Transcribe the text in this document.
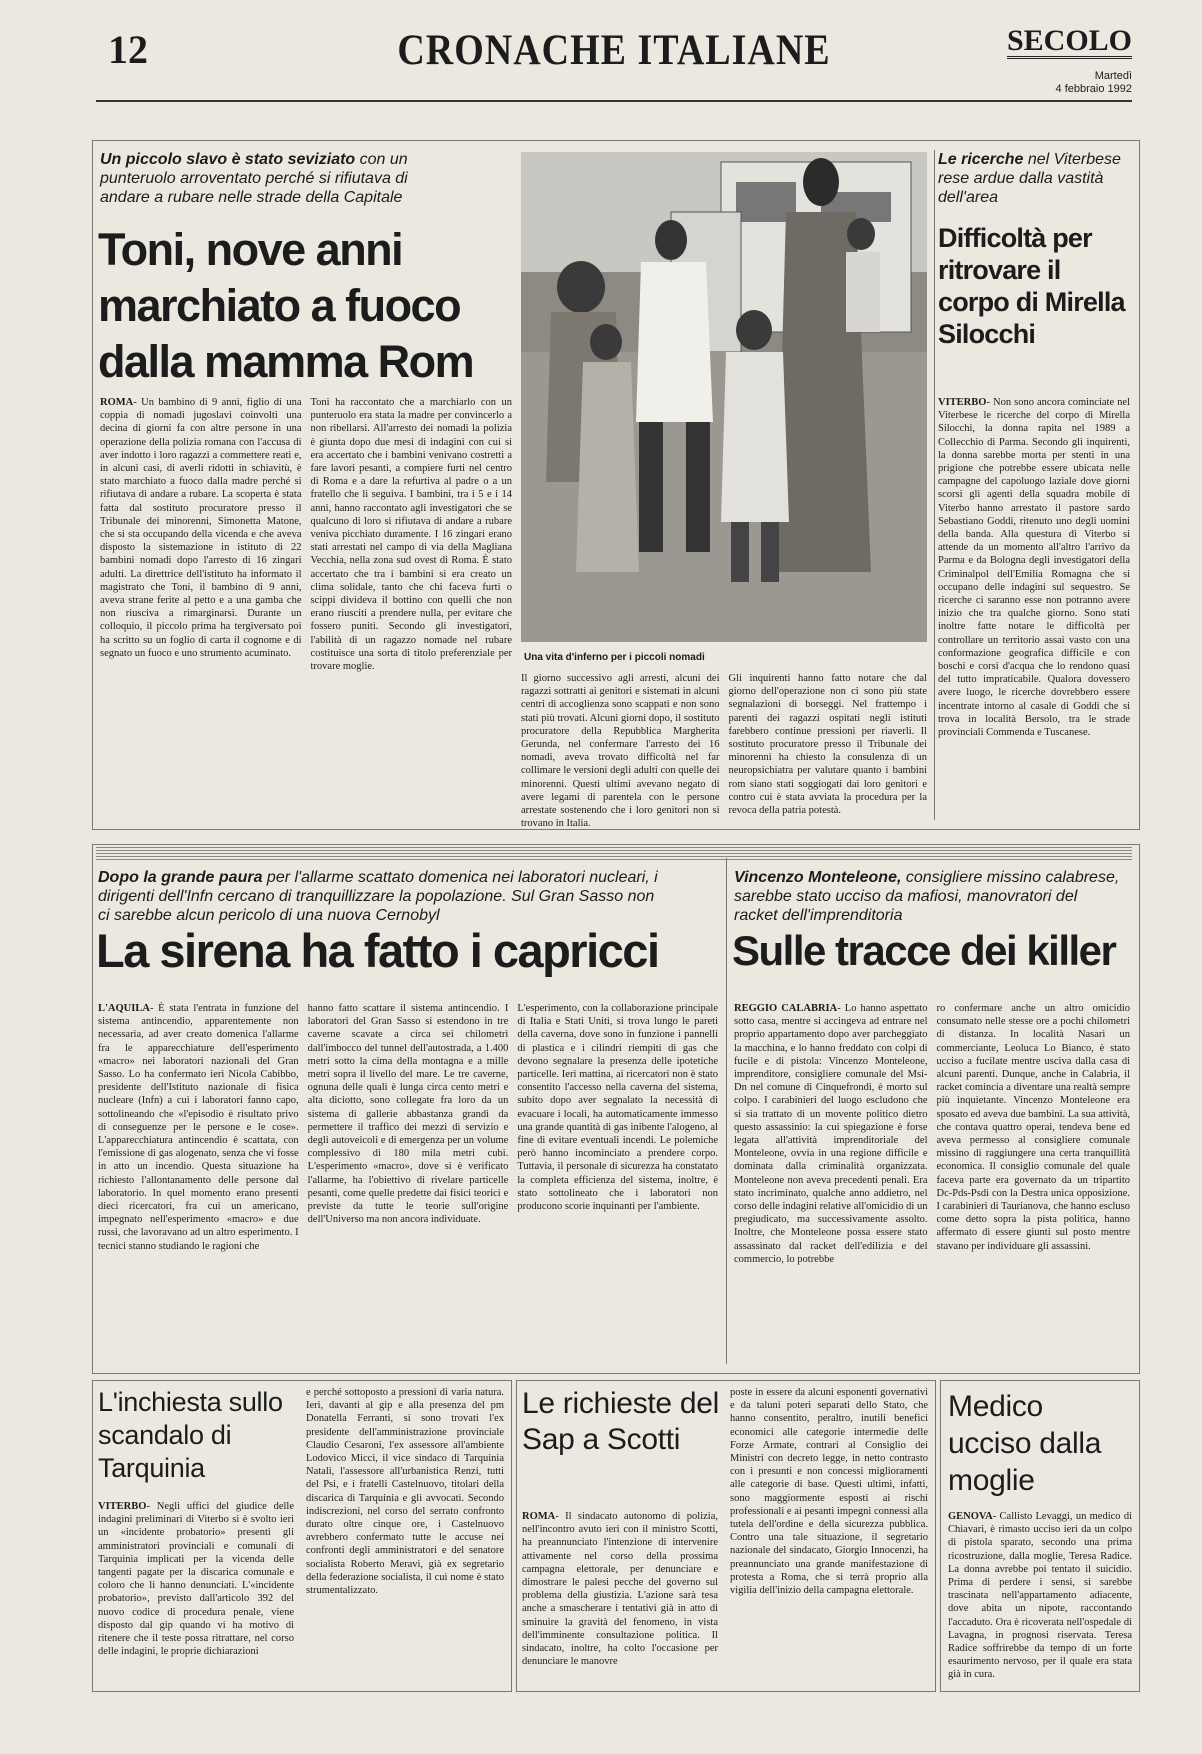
12	CRONACHE ITALIANE	SECOLO
Martedì
4 febbraio 1992
Un piccolo slavo è stato seviziato con un punteruolo arroventato perché si rifiutava di andare a rubare nelle strade della Capitale
Toni, nove anni marchiato a fuoco dalla mamma Rom
Una vita d'inferno per i piccoli nomadi
ROMA- Un bambino di 9 anni, figlio di una coppia di nomadi jugoslavi coinvolti una decina di giorni fa con altre persone in una operazione della polizia romana con l'accusa di aver indotto i loro ragazzi a commettere reati e, in alcuni casi, di averli ridotti in schiavitù, è stato marchiato a fuoco dalla madre perché si rifiutava di andare a rubare. La scoperta è stata fatta dal sostituto procuratore presso il Tribunale dei minorenni, Simonetta Matone, che si sta occupando della vicenda e che aveva disposto la sistemazione in istituto di 22 bambini nomadi dopo l'arresto di 16 zingari adulti. La direttrice dell'istituto ha informato il magistrato che Toni, il bambino di 9 anni, aveva strane ferite al petto e a una gamba che non riusciva a rimarginarsi. Durante un colloquio, il piccolo prima ha tergiversato poi ha scritto su un foglio di carta il cognome e di segnato un fuoco e uno strumento acuminato.
Toni ha raccontato che a marchiarlo con un punteruolo era stata la madre per convincerlo a non ribellarsi. All'arresto dei nomadi la polizia è giunta dopo due mesi di indagini con cui si era accertato che i bambini venivano costretti a fare lavori pesanti, a compiere furti nel centro di Roma e a dare la refurtiva al padre o a un fratello che li seguiva. I bambini, tra i 5 e i 14 anni, hanno raccontato agli investigatori che se qualcuno di loro si rifiutava di andare a rubare veniva picchiato duramente. I 16 zingari erano stati arrestati nel campo di via della Magliana Vecchia, nella zona sud ovest di Roma. È stato accertato che tra i bambini si era creato un clima solidale, tanto che chi faceva furti o scippi divideva il bottino con quelli che non erano riusciti a prendere nulla, per evitare che fossero puniti. Secondo gli investigatori, l'abilità di un ragazzo nomade nel rubare costituisce una sorta di titolo preferenziale per trovare moglie.
Il giorno successivo agli arresti, alcuni dei ragazzi sottratti ai genitori e sistemati in alcuni centri di accoglienza sono scappati e non sono stati più trovati. Alcuni giorni dopo, il sostituto procuratore della Repubblica Margherita Gerunda, nel confermare l'arresto dei 16 nomadi, aveva trovato difficoltà nel far collimare le versioni degli adulti con quelle dei minorenni. Questi ultimi avevano negato di avere legami di parentela con le persone arrestate sostenendo che i loro genitori non si trovano in Italia.
Gli inquirenti hanno fatto notare che dal giorno dell'operazione non ci sono più state segnalazioni di borseggi. Nel frattempo i parenti dei ragazzi ospitati negli istituti farebbero continue pressioni per riaverli. Il sostituto procuratore presso il Tribunale dei minorenni ha chiesto la consulenza di un neuropsichiatra per valutare quanto i bambini rom siano stati soggiogati dai loro genitori e contro cui è stata avviata la procedura per la revoca della patria potestà.
Le ricerche nel Viterbese rese ardue dalla vastità dell'area
Difficoltà per ritrovare il corpo di Mirella Silocchi
VITERBO- Non sono ancora cominciate nel Viterbese le ricerche del corpo di Mirella Silocchi, la donna rapita nel 1989 a Collecchio di Parma. Secondo gli inquirenti, la donna sarebbe morta per stenti in una prigione che potrebbe essere ubicata nelle campagne del capoluogo laziale dove giorni scorsi gli agenti della squadra mobile di Viterbo hanno arrestato il pastore sardo Sebastiano Goddi, ritenuto uno degli uomini della banda. Alla questura di Viterbo si attende da un momento all'altro l'arrivo da Parma e da Bologna degli investigatori della Criminalpol dell'Emilia Romagna che si occupano delle indagini sul sequestro. Se ricerche ci saranno esse non potranno avere inizio che tra qualche giorno. Sono stati inoltre fatte notare le difficoltà per controllare un territorio assai vasto con una conformazione geografica difficile e con boschi e corsi d'acqua che lo rendono quasi del tutto impraticabile. Qualora dovessero avere luogo, le ricerche dovrebbero essere incentrate intorno al casale di Goddi che si trova in località Bersolo, tra le strade provinciali Commenda e Tuscanese.
Dopo la grande paura per l'allarme scattato domenica nei laboratori nucleari, i dirigenti dell'Infn cercano di tranquillizzare la popolazione. Sul Gran Sasso non ci sarebbe alcun pericolo di una nuova Cernobyl
La sirena ha fatto i capricci
L'AQUILA- È stata l'entrata in funzione del sistema antincendio, apparentemente non necessaria, ad aver creato domenica l'allarme fra le apparecchiature dell'esperimento «macro» nei laboratori nazionali del Gran Sasso. Lo ha confermato ieri Nicola Cabibbo, presidente dell'Istituto nazionale di fisica nucleare (Infn) a cui i laboratori fanno capo, sottolineando che «l'episodio è risultato privo di conseguenze per le persone e le cose». L'apparecchiatura antincendio è scattata, con l'emissione di gas alogenato, senza che vi fosse in atto un incendio. Questa situazione ha richiesto l'allontanamento delle persone dal laboratorio. In quel momento erano presenti dieci ricercatori, fra cui un americano, impegnato nell'esperimento «macro» e due russi, che lavoravano ad un altro esperimento. I tecnici stanno studiando le ragioni che
hanno fatto scattare il sistema antincendio. I laboratori del Gran Sasso si estendono in tre caverne scavate a circa sei chilometri dall'imbocco del tunnel dell'autostrada, a 1.400 metri sotto la cima della montagna e a mille metri sopra il livello del mare. Le tre caverne, ognuna delle quali è lunga circa cento metri e alta diciotto, sono collegate fra loro da un sistema di gallerie abbastanza grandi da permettere il traffico dei mezzi di servizio e degli autoveicoli e di emergenza per un volume complessivo di 180 mila metri cubi. L'esperimento «macro», dove si è verificato l'allarme, ha l'obiettivo di rivelare particelle pesanti, come quelle predette dai fisici teorici e previste da tutte le teorie sull'origine dell'Universo ma non ancora individuate.
L'esperimento, con la collaborazione principale di Italia e Stati Uniti, si trova lungo le pareti della caverna, dove sono in funzione i pannelli di plastica e i cilindri riempiti di gas che devono segnalare la presenza delle ipotetiche particelle. Ieri mattina, ai ricercatori non è stato consentito l'accesso nella caverna del sistema, subito dopo aver segnalato la necessità di evacuare i locali, ha automaticamente immesso una grande quantità di gas inibente l'alogeno, al fine di evitare eventuali incendi. Le polemiche però hanno incominciato a prendere corpo. Tuttavia, il personale di sicurezza ha constatato la completa efficienza del sistema, inoltre, è stato sottolineato che i laboratori non producono scorie inquinanti per l'ambiente.
Vincenzo Monteleone, consigliere missino calabrese, sarebbe stato ucciso da mafiosi, manovratori del racket dell'imprenditoria
Sulle tracce dei killer
REGGIO CALABRIA- Lo hanno aspettato sotto casa, mentre si accingeva ad entrare nel proprio appartamento dopo aver parcheggiato la macchina, e lo hanno freddato con colpi di fucile e di pistola: Vincenzo Monteleone, imprenditore, consigliere comunale del Msi-Dn nel comune di Cinquefrondi, è morto sul colpo. I carabinieri del luogo escludono che si sia trattato di un movente politico dietro questo assassinio: la cui spiegazione è forse legata all'attività imprenditoriale del Monteleone, ovvia in una regione difficile e dominata dalla criminalità organizzata. Monteleone non aveva precedenti penali. Era stato incriminato, qualche anno addietro, nel corso delle indagini relative all'omicidio di un pregiudicato, ma successivamente assolto. Inoltre, che Monteleone possa essere stato assassinato dal racket dell'edilizia e del commercio, lo potrebbe
ro confermare anche un altro omicidio consumato nelle stesse ore a pochi chilometri di distanza. In località Nasari un commerciante, Leoluca Lo Bianco, è stato ucciso a fucilate mentre usciva dalla casa di alcuni parenti. Dunque, anche in Calabria, il racket comincia a diventare una realtà sempre più inquietante. Vincenzo Monteleone era sposato ed aveva due bambini. La sua attività, che contava quattro operai, tendeva bene ed aveva permesso al consigliere comunale missino di raggiungere una certa tranquillità economica. Il consiglio comunale del quale faceva parte era governato da un tripartito Dc-Pds-Psdi con la Destra unica opposizione. I carabinieri di Taurianova, che hanno escluso come detto sopra la pista politica, hanno affermato di essere giunti sul posto mentre stavano per individuare gli assassini.
L'inchiesta sullo scandalo di Tarquinia
VITERBO- Negli uffici del giudice delle indagini preliminari di Viterbo si è svolto ieri un «incidente probatorio» presenti gli amministratori provinciali e comunali di Tarquinia implicati per la vicenda delle tangenti pagate per la discarica comunale e coloro che li hanno denunciati. L'«incidente probatorio», previsto dall'articolo 392 del nuovo codice di procedura penale, viene disposto dal gip quando vi ha motivo di ritenere che il teste possa ritrattare, nel corso delle indagini, le proprie dichiarazioni
e perché sottoposto a pressioni di varia natura. Ieri, davanti al gip e alla presenza del pm Donatella Ferranti, si sono trovati l'ex presidente dell'amministrazione provinciale Claudio Cesaroni, l'ex assessore all'ambiente Lodovico Micci, il vice sindaco di Tarquinia Natali, l'assessore all'urbanistica Renzi, tutti del Psi, e i fratelli Castelnuovo, titolari della discarica di Tarquinia e gli avvocati. Secondo indiscrezioni, nel corso del serrato confronto durato oltre cinque ore, i Castelnuovo avrebbero confermato tutte le accuse nei confronti degli amministratori e del senatore socialista Roberto Meravi, già ex segretario della federazione socialista, il cui nome è stato strumentalizzato.
Le richieste del Sap a Scotti
ROMA- Il sindacato autonomo di polizia, nell'incontro avuto ieri con il ministro Scotti, ha preannunciato l'intenzione di intervenire attivamente nel corso della prossima campagna elettorale, per denunciare e dimostrare le palesi pecche del governo sul problema della giustizia. L'azione sarà tesa anche a smascherare i tentativi già in atto di sminuire la gravità del fenomeno, in vista dell'imminente consultazione politica. Il sindacato, inoltre, ha colto l'occasione per denunciare le manovre
poste in essere da alcuni esponenti governativi e da taluni poteri separati dello Stato, che hanno consentito, peraltro, inutili benefici economici alle categorie intermedie delle Forze Armate, contrari al Consiglio dei Ministri con decreto legge, in netto contrasto con i presunti e non concessi miglioramenti alle categorie di base. Questi ultimi, infatti, sono maggiormente esposti ai rischi professionali e ai pesanti impegni connessi alla tutela dell'ordine e della sicurezza pubblica. Contro una tale situazione, il segretario nazionale del sindacato, Giorgio Innocenzi, ha preannunciato una grande manifestazione di protesta a Roma, che si terrà proprio alla vigilia dell'inizio della campagna elettorale.
Medico ucciso dalla moglie
GENOVA- Callisto Levaggi, un medico di Chiavari, è rimasto ucciso ieri da un colpo di pistola sparato, secondo una prima ricostruzione, dalla moglie, Teresa Radice. La donna avrebbe poi tentato il suicidio. Prima di perdere i sensi, si sarebbe trascinata nell'appartamento adiacente, dove abita un nipote, raccontando l'accaduto. Ora è ricoverata nell'ospedale di Lavagna, in prognosi riservata. Teresa Radice soffrirebbe da tempo di un forte esaurimento nervoso, per il quale era stata già in cura.
